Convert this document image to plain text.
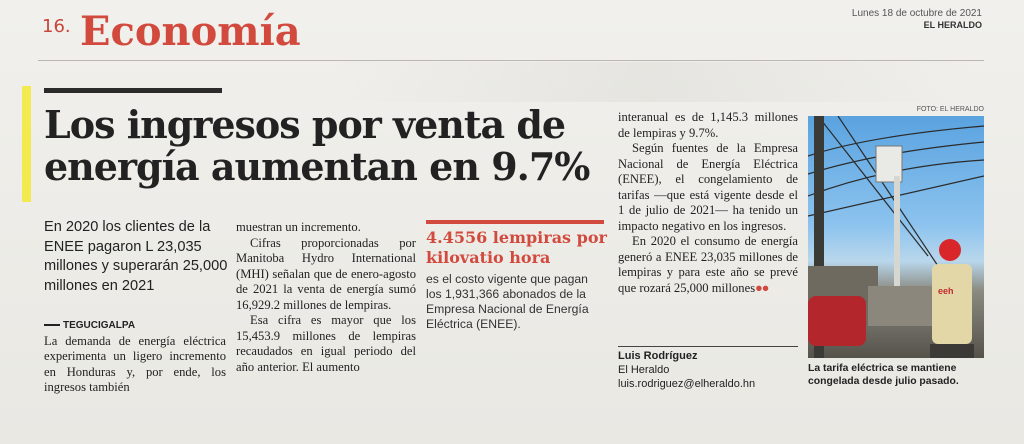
16. Economía	Lunes 18 de octubre de 2021
EL HERALDO
Los ingresos por venta de
energía aumentan en 9.7%

En 2020 los clientes de la ENEE pagaron L 23,035 millones y superarán 25,000 millones en 2021

TEGUCIGALPA

La demanda de energía eléctrica experimenta un ligero incremento en Honduras y, por ende, los ingresos también

muestran un incremento.

Cifras proporcionadas por Manitoba Hydro International (MHI) señalan que de enero-agosto de 2021 la venta de energía sumó 16,929.2 millones de lempiras.

Esa cifra es mayor que los 15,453.9 millones de lempiras recaudados en igual periodo del año anterior. El aumento

4.4556 lempiras por kilovatio hora
es el costo vigente que pagan los 1,931,366 abonados de la Empresa Nacional de Energía Eléctrica (ENEE).

interanual es de 1,145.3 millones de lempiras y 9.7%.

Según fuentes de la Empresa Nacional de Energía Eléctrica (ENEE), el congelamiento de tarifas —que está vigente desde el 1 de julio de 2021— ha tenido un impacto negativo en los ingresos.

En 2020 el consumo de energía generó a ENEE 23,035 millones de lempiras y para este año se prevé que rozará 25,000 millones●●

Luis Rodríguez
El Heraldo
luis.rodriguez@elheraldo.hn
FOTO: EL HERALDO
eeh
La tarifa eléctrica se mantiene congelada desde julio pasado.
